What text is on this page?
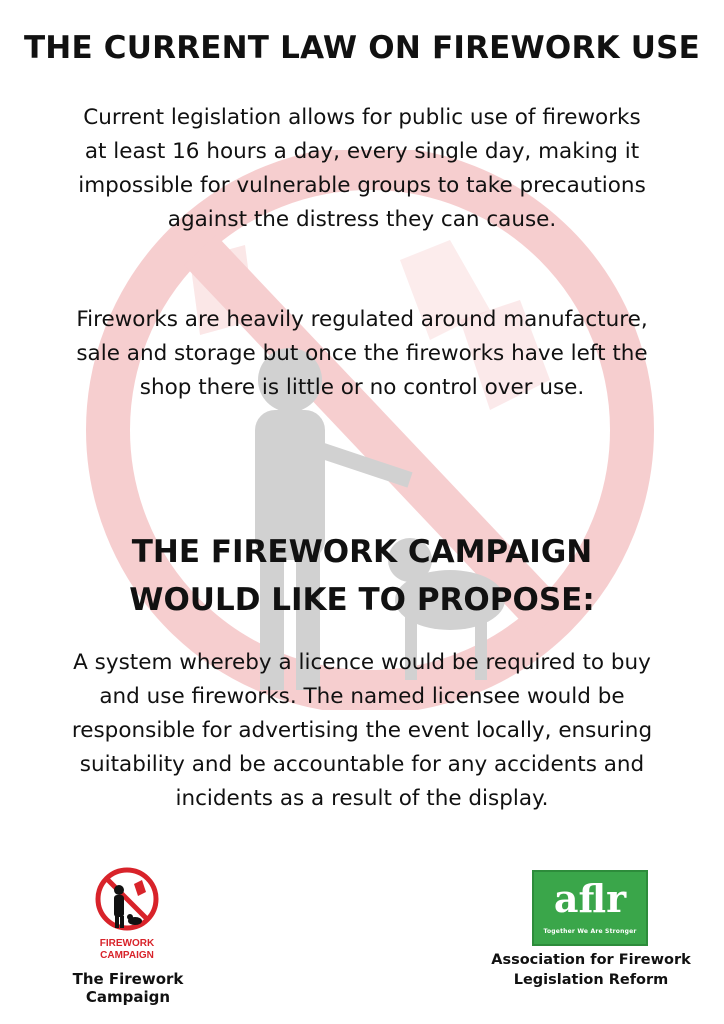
THE CURRENT LAW ON FIREWORK USE

Current legislation allows for public use of fireworks at least 16 hours a day, every single day, making it impossible for vulnerable groups to take precautions against the distress they can cause.

Fireworks are heavily regulated around manufacture, sale and storage but once the fireworks have left the shop there is little or no control over use.

THE FIREWORK CAMPAIGN
WOULD LIKE TO PROPOSE:

A system whereby a licence would be required to buy and use fireworks. The named licensee would be responsible for advertising the event locally, ensuring suitability and be accountable for any accidents and incidents as a result of the display.

FIREWORK
CAMPAIGN

The Firework Campaign

aflr
Together We Are Stronger

Association for Firework
Legislation Reform
